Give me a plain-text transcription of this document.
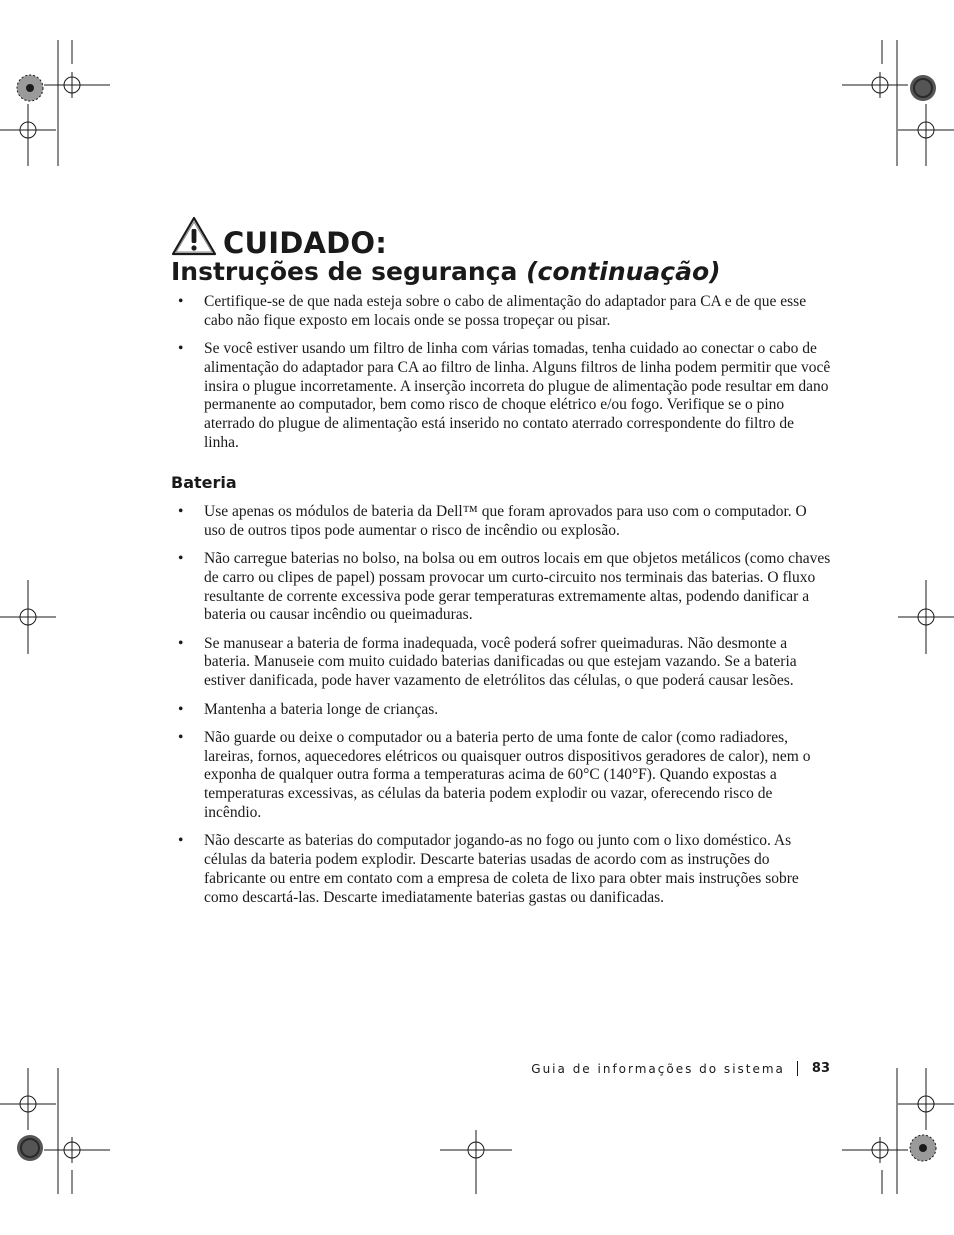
CUIDADO:
Instruções de segurança (continuação)
• Certifique-se de que nada esteja sobre o cabo de alimentação do adaptador para CA e de que esse cabo não fique exposto em locais onde se possa tropeçar ou pisar.
• Se você estiver usando um filtro de linha com várias tomadas, tenha cuidado ao conectar o cabo de alimentação do adaptador para CA ao filtro de linha. Alguns filtros de linha podem permitir que você insira o plugue incorretamente. A inserção incorreta do plugue de alimentação pode resultar em dano permanente ao computador, bem como risco de choque elétrico e/ou fogo. Verifique se o pino aterrado do plugue de alimentação está inserido no contato aterrado correspondente do filtro de linha.
Bateria
• Use apenas os módulos de bateria da Dell™ que foram aprovados para uso com o computador. O uso de outros tipos pode aumentar o risco de incêndio ou explosão.
• Não carregue baterias no bolso, na bolsa ou em outros locais em que objetos metálicos (como chaves de carro ou clipes de papel) possam provocar um curto-circuito nos terminais das baterias. O fluxo resultante de corrente excessiva pode gerar temperaturas extremamente altas, podendo danificar a bateria ou causar incêndio ou queimaduras.
• Se manusear a bateria de forma inadequada, você poderá sofrer queimaduras. Não desmonte a bateria. Manuseie com muito cuidado baterias danificadas ou que estejam vazando. Se a bateria estiver danificada, pode haver vazamento de eletrólitos das células, o que poderá causar lesões.
• Mantenha a bateria longe de crianças.
• Não guarde ou deixe o computador ou a bateria perto de uma fonte de calor (como radiadores, lareiras, fornos, aquecedores elétricos ou quaisquer outros dispositivos geradores de calor), nem o exponha de qualquer outra forma a temperaturas acima de 60°C (140°F). Quando expostas a temperaturas excessivas, as células da bateria podem explodir ou vazar, oferecendo risco de incêndio.
• Não descarte as baterias do computador jogando-as no fogo ou junto com o lixo doméstico. As células da bateria podem explodir. Descarte baterias usadas de acordo com as instruções do fabricante ou entre em contato com a empresa de coleta de lixo para obter mais instruções sobre como descartá-las. Descarte imediatamente baterias gastas ou danificadas.
Guia de informações do sistema 83
